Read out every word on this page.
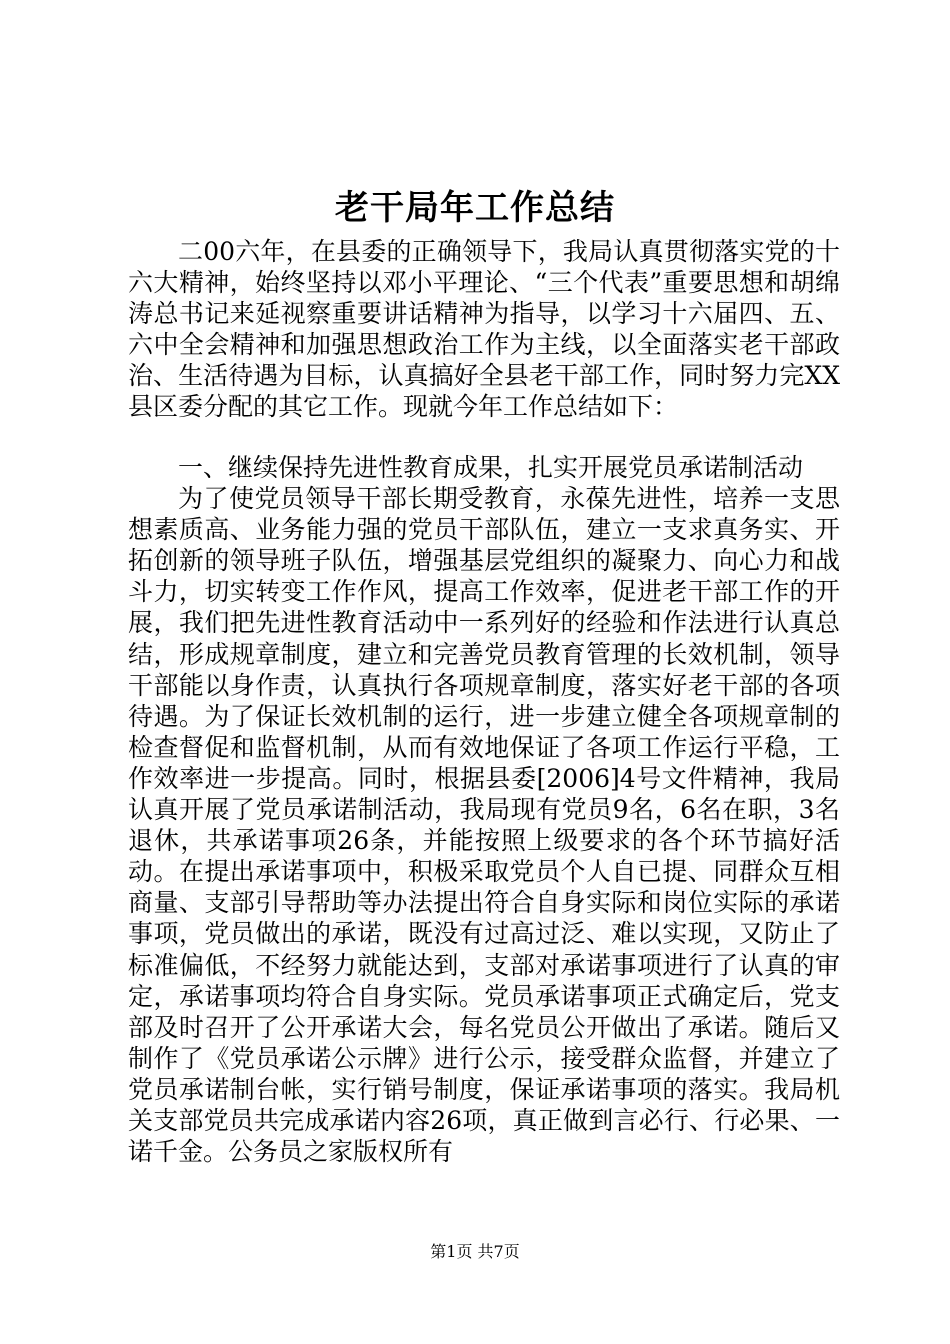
老干局年工作总结

二00六年，在县委的正确领导下，我局认真贯彻落实党的十六大精神，始终坚持以邓小平理论、“三个代表”重要思想和胡绵涛总书记来延视察重要讲话精神为指导，以学习十六届四、五、六中全会精神和加强思想政治工作为主线，以全面落实老干部政治、生活待遇为目标，认真搞好全县老干部工作，同时努力完XX县区委分配的其它工作。现就今年工作总结如下：

一、继续保持先进性教育成果，扎实开展党员承诺制活动

为了使党员领导干部长期受教育，永葆先进性，培养一支思想素质高、业务能力强的党员干部队伍，建立一支求真务实、开拓创新的领导班子队伍，增强基层党组织的凝聚力、向心力和战斗力，切实转变工作作风，提高工作效率，促进老干部工作的开展，我们把先进性教育活动中一系列好的经验和作法进行认真总结，形成规章制度，建立和完善党员教育管理的长效机制，领导干部能以身作责，认真执行各项规章制度，落实好老干部的各项待遇。为了保证长效机制的运行，进一步建立健全各项规章制的检查督促和监督机制，从而有效地保证了各项工作运行平稳，工作效率进一步提高。同时，根据县委[2006]4号文件精神，我局认真开展了党员承诺制活动，我局现有党员9名，6名在职，3名退休，共承诺事项26条，并能按照上级要求的各个环节搞好活动。在提出承诺事项中，积极采取党员个人自已提、同群众互相商量、支部引导帮助等办法提出符合自身实际和岗位实际的承诺事项，党员做出的承诺，既没有过高过泛、难以实现，又防止了标准偏低，不经努力就能达到，支部对承诺事项进行了认真的审定，承诺事项均符合自身实际。党员承诺事项正式确定后，党支部及时召开了公开承诺大会，每名党员公开做出了承诺。随后又制作了《党员承诺公示牌》进行公示，接受群众监督，并建立了党员承诺制台帐，实行销号制度，保证承诺事项的落实。我局机关支部党员共完成承诺内容26项，真正做到言必行、行必果、一诺千金。公务员之家版权所有

第1页 共7页
